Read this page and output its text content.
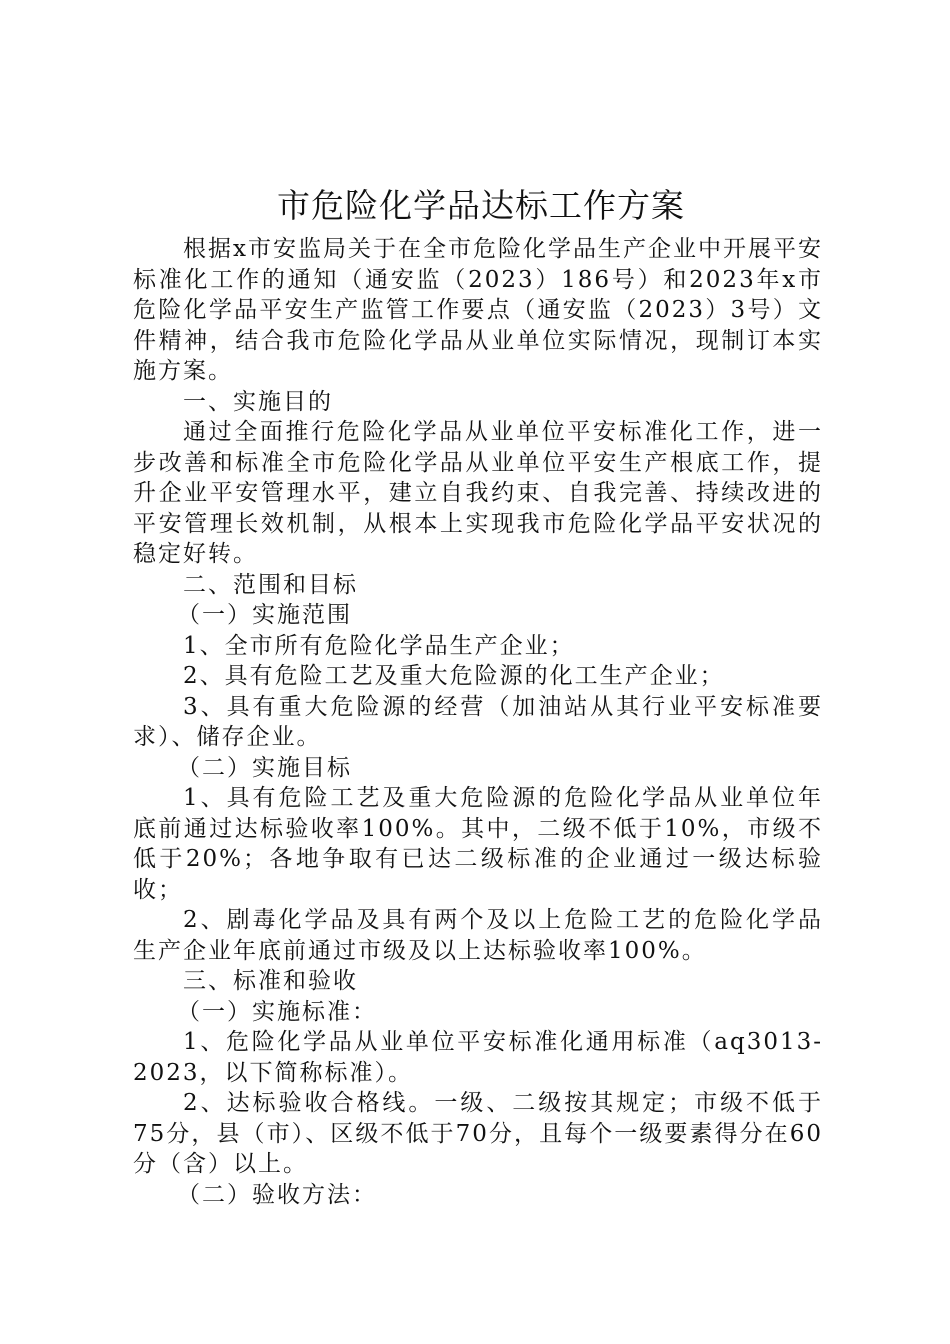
市危险化学品达标工作方案

根据x市安监局关于在全市危险化学品生产企业中开展平安标准化工作的通知（通安监（2023）186号）和2023年x市危险化学品平安生产监管工作要点（通安监（2023）3号）文件精神，结合我市危险化学品从业单位实际情况，现制订本实施方案。

一、实施目的

通过全面推行危险化学品从业单位平安标准化工作，进一步改善和标准全市危险化学品从业单位平安生产根底工作，提升企业平安管理水平，建立自我约束、自我完善、持续改进的平安管理长效机制，从根本上实现我市危险化学品平安状况的稳定好转。

二、范围和目标

（一）实施范围

1、全市所有危险化学品生产企业；

2、具有危险工艺及重大危险源的化工生产企业；

3、具有重大危险源的经营（加油站从其行业平安标准要求）、储存企业。

（二）实施目标

1、具有危险工艺及重大危险源的危险化学品从业单位年底前通过达标验收率100%。其中，二级不低于10%，市级不低于20%；各地争取有已达二级标准的企业通过一级达标验收；

2、剧毒化学品及具有两个及以上危险工艺的危险化学品生产企业年底前通过市级及以上达标验收率100%。

三、标准和验收

（一）实施标准：

1、危险化学品从业单位平安标准化通用标准（aq3013-2023，以下简称标准）。

2、达标验收合格线。一级、二级按其规定；市级不低于75分，县（市）、区级不低于70分，且每个一级要素得分在60分（含）以上。

（二）验收方法：
